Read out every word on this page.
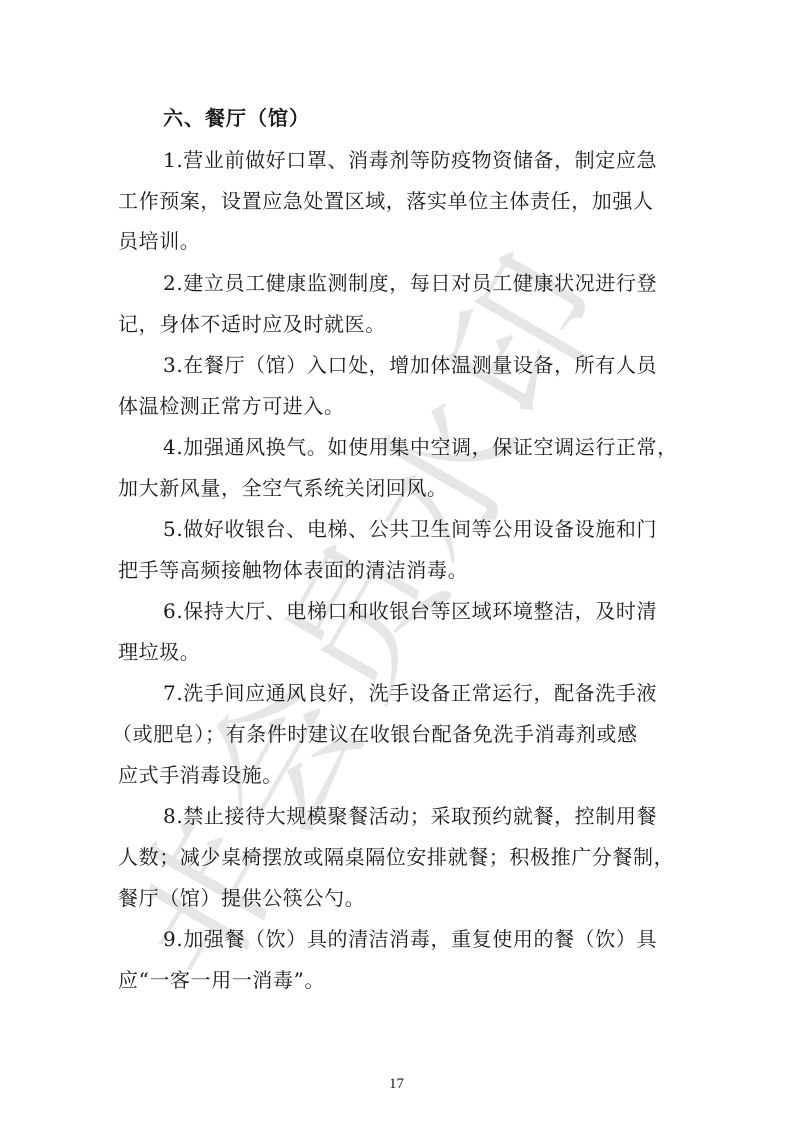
非会员水印
六、餐厅（馆）
1.营业前做好口罩、消毒剂等防疫物资储备，制定应急
工作预案，设置应急处置区域，落实单位主体责任，加强人
员培训。
2.建立员工健康监测制度，每日对员工健康状况进行登
记，身体不适时应及时就医。
3.在餐厅（馆）入口处，增加体温测量设备，所有人员
体温检测正常方可进入。
4.加强通风换气。如使用集中空调，保证空调运行正常，
加大新风量，全空气系统关闭回风。
5.做好收银台、电梯、公共卫生间等公用设备设施和门
把手等高频接触物体表面的清洁消毒。
6.保持大厅、电梯口和收银台等区域环境整洁，及时清
理垃圾。
7.洗手间应通风良好，洗手设备正常运行，配备洗手液
（或肥皂）；有条件时建议在收银台配备免洗手消毒剂或感
应式手消毒设施。
8.禁止接待大规模聚餐活动；采取预约就餐，控制用餐
人数；减少桌椅摆放或隔桌隔位安排就餐；积极推广分餐制，
餐厅（馆）提供公筷公勺。
9.加强餐（饮）具的清洁消毒，重复使用的餐（饮）具
应“一客一用一消毒”。
17
